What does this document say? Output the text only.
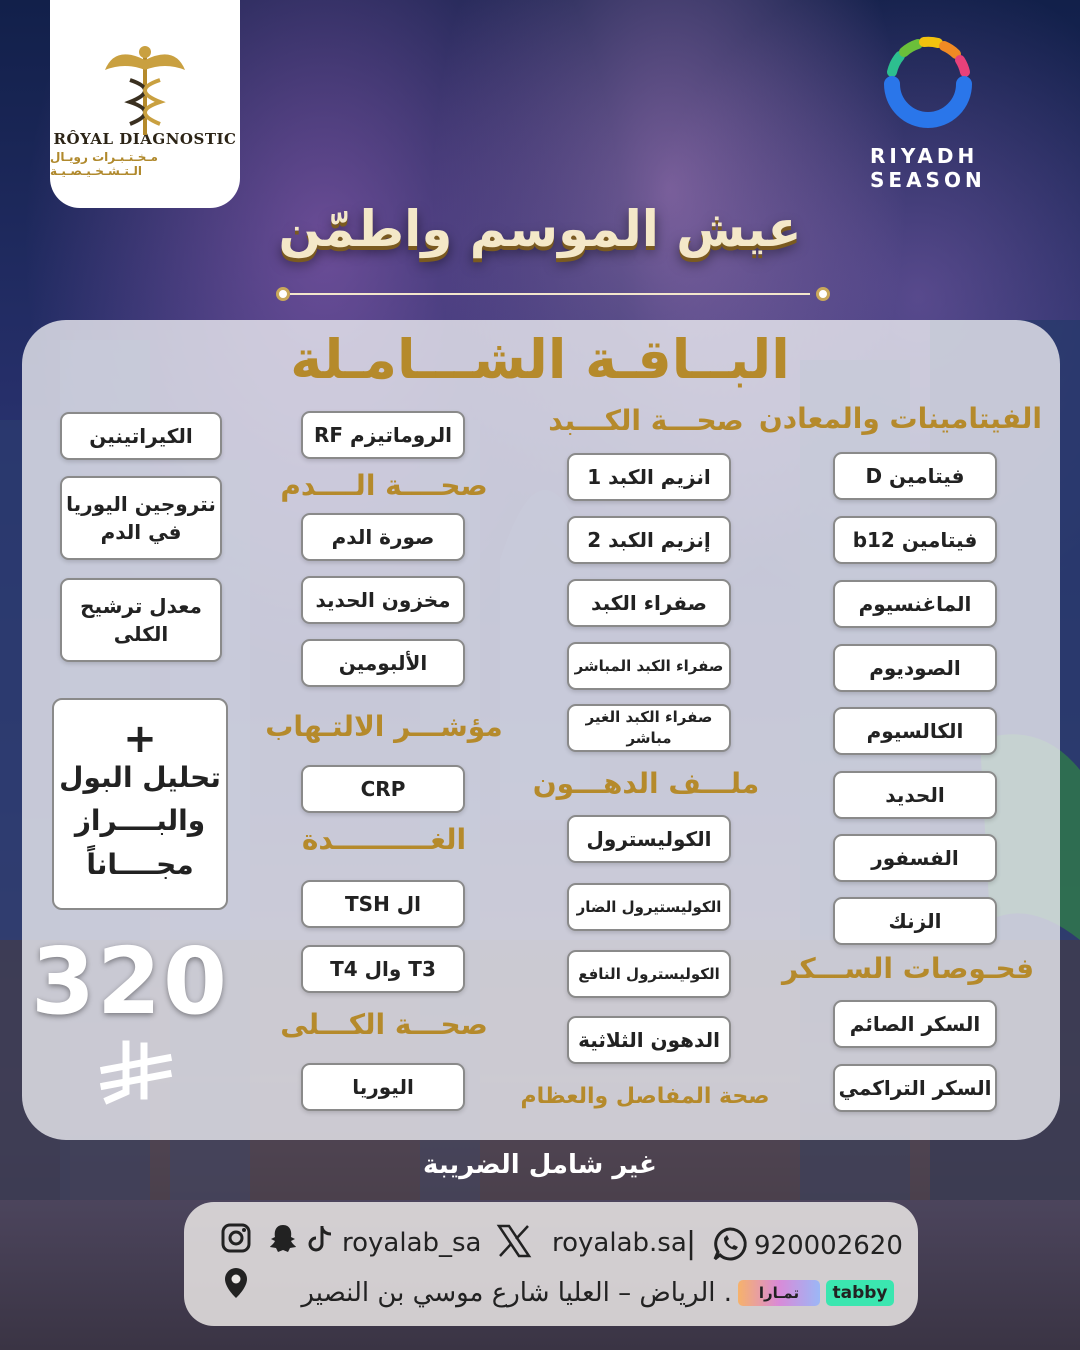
RÔYAL DIAGNOSTIC
مـخـتـبـرات رويـال الـتـشـخـيـصـيـة
RIYADH
SEASON
عيش الموسم واطمّن
البــاقـة الشـــامـلة
الفيتامينات والمعادن
فيتامين D
فيتامين b12
الماغنسيوم
الصوديوم
الكالسيوم
الحديد
الفسفور
الزنك
فحـوصات الســـكر
السكر الصائم
السكر التراكمي
صحـــة الكـــبد
انزيم الكبد 1
إنزيم الكبد 2
صفراء الكبد
صفراء الكبد المباشر
صفراء الكبد الغير مباشر
ملـــف الدهـــون
الكوليسترول
الكوليستيرول الضار
الكوليسترول النافع
الدهون الثلاثية
صحة المفاصل والعظام
الروماتيزم RF
صحــــة الــــدم
صورة الدم
مخزون الحديد
الألبومين
مؤشـــر الالتـهاب
CRP
الغــــــــــدة
ال TSH
T3 وال T4
صحـــة الكـــلى
اليوريا
الكيراتينين
نتروجين اليوريا في الدم
معدل ترشيح الكلى
+
تحليل البول
والبــــراز
مجــــاناً
320
غير شامل الضريبة
royalab_sa	royalab.sa | 920002620
. الرياض – العليا شارع موسي بن النصير	تمـارا	tabby
